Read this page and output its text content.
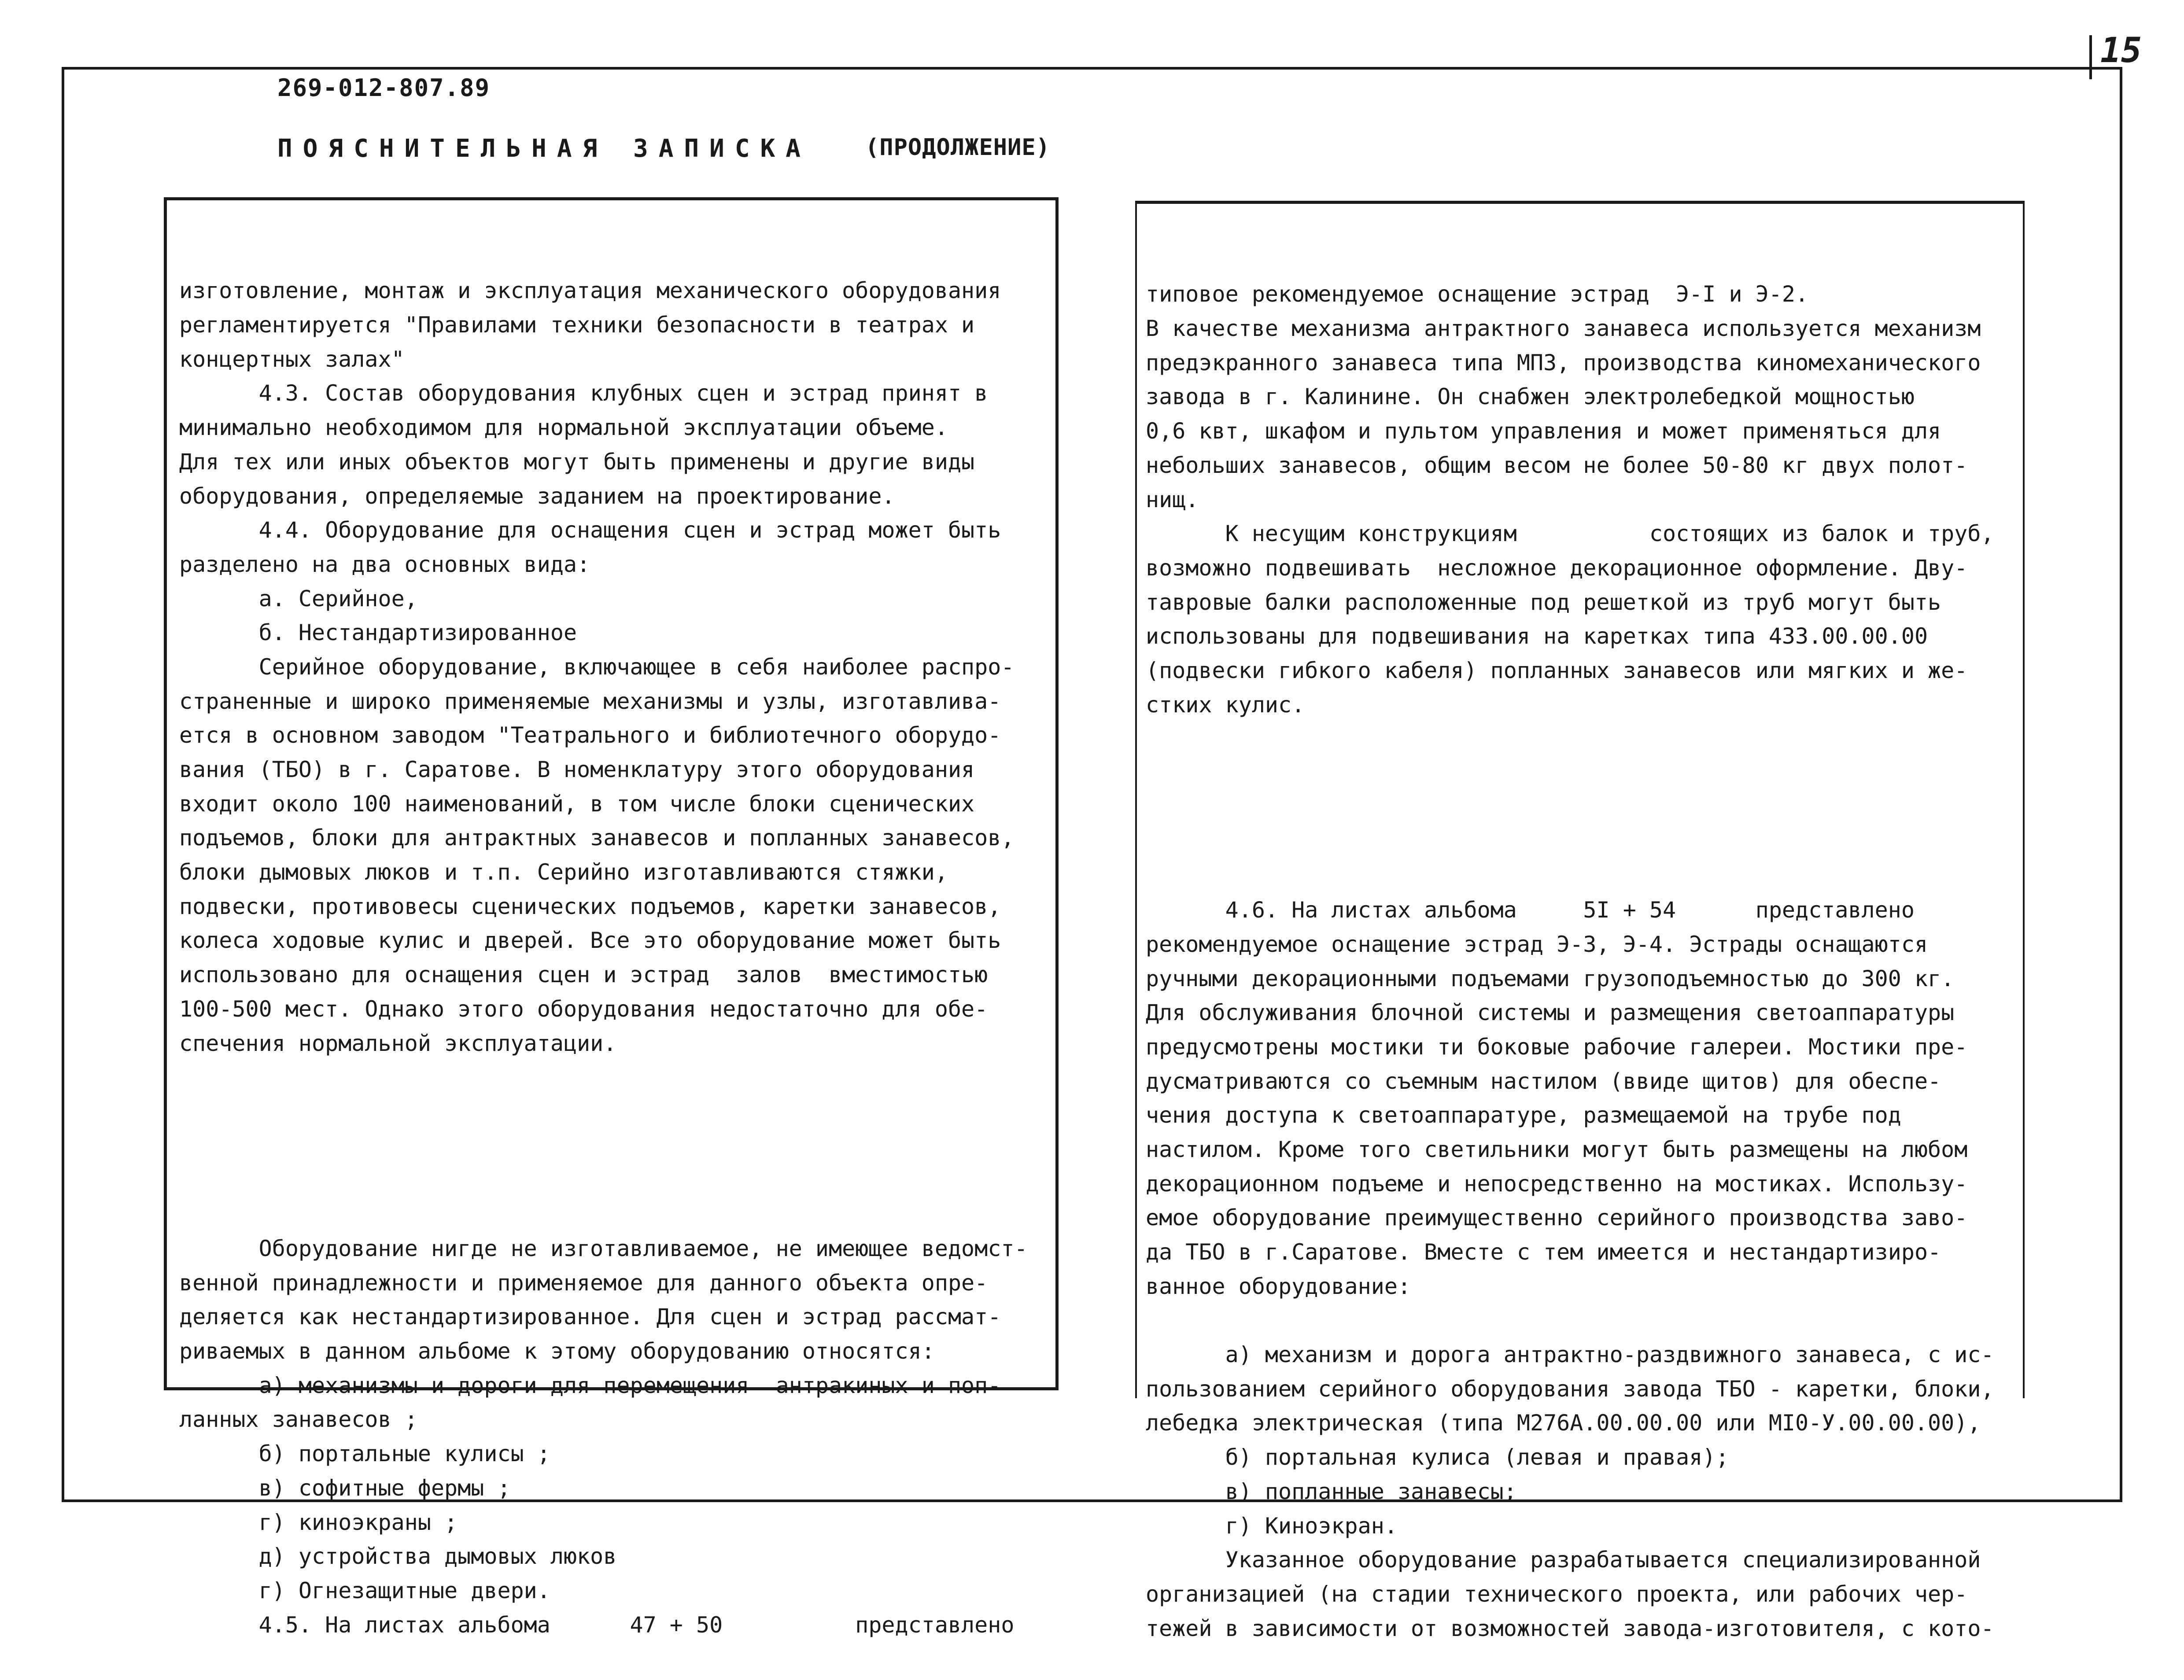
15
269-012-807.89
ПОЯСНИТЕЛЬНАЯ ЗАПИСКА (ПРОДОЛЖЕНИЕ)

изготовление, монтаж и эксплуатация механического оборудования
регламентируется "Правилами техники безопасности в театрах и
концертных залах"
4.3. Состав оборудования клубных сцен и эстрад принят в
минимально необходимом для нормальной эксплуатации объеме.
Для тех или иных объектов могут быть применены и другие виды
оборудования, определяемые заданием на проектирование.
4.4. Оборудование для оснащения сцен и эстрад может быть
разделено на два основных вида:
а. Серийное,
б. Нестандартизированное
Серийное оборудование, включающее в себя наиболее распро-
страненные и широко применяемые механизмы и узлы, изготавлива-
ется в основном заводом "Театрального и библиотечного оборудо-
вания (ТБО) в г. Саратове. В номенклатуру этого оборудования
входит около 100 наименований, в том числе блоки сценических
подъемов, блоки для антрактных занавесов и попланных занавесов,
блоки дымовых люков и т.п. Серийно изготавливаются стяжки,
подвески, противовесы сценических подъемов, каретки занавесов,
колеса ходовые кулис и дверей. Все это оборудование может быть
использовано для оснащения сцен и эстрад  залов  вместимостью
100-500 мест. Однако этого оборудования недостаточно для обе-
спечения нормальной эксплуатации.

Оборудование нигде не изготавливаемое, не имеющее ведомст-
венной принадлежности и применяемое для данного объекта опре-
деляется как нестандартизированное. Для сцен и эстрад рассмат-
риваемых в данном альбоме к этому оборудованию относятся:
а) механизмы и дороги для перемещения  антракиных и поп-
ланных занавесов ;
б) портальные кулисы ;
в) софитные фермы ;
г) киноэкраны ;
д) устройства дымовых люков
г) Огнезащитные двери.
4.5. На листах альбома      47 + 50          представлено

типовое рекомендуемое оснащение эстрад  Э-I и Э-2.
В качестве механизма антрактного занавеса используется механизм
предэкранного занавеса типа МПЗ, производства киномеханического
завода в г. Калинине. Он снабжен электролебедкой мощностью
0,6 квт, шкафом и пультом управления и может применяться для
небольших занавесов, общим весом не более 50-80 кг двух полот-
нищ.
К несущим конструкциям          состоящих из балок и труб,
возможно подвешивать  несложное декорационное оформление. Дву-
тавровые балки расположенные под решеткой из труб могут быть
использованы для подвешивания на каретках типа 433.00.00.00
(подвески гибкого кабеля) попланных занавесов или мягких и же-
стких кулис.

4.6. На листах альбома     5I + 54      представлено
рекомендуемое оснащение эстрад Э-3, Э-4. Эстрады оснащаются
ручными декорационными подъемами грузоподъемностью до 300 кг.
Для обслуживания блочной системы и размещения светоаппаратуры
предусмотрены мостики ти боковые рабочие галереи. Мостики пре-
дусматриваются со съемным настилом (ввиде щитов) для обеспе-
чения доступа к светоаппаратуре, размещаемой на трубе под
настилом. Кроме того светильники могут быть размещены на любом
декорационном подъеме и непосредственно на мостиках. Использу-
емое оборудование преимущественно серийного производства заво-
да ТБО в г.Саратове. Вместе с тем имеется и нестандартизиро-
ванное оборудование:
а) механизм и дорога антрактно-раздвижного занавеса, с ис-
пользованием серийного оборудования завода ТБО - каретки, блоки,
лебедка электрическая (типа М276А.00.00.00 или МI0-У.00.00.00),
б) портальная кулиса (левая и правая);
в) попланные занавесы;
г) Киноэкран.
Указанное оборудование разрабатывается специализированной
организацией (на стадии технического проекта, или рабочих чер-
тежей в зависимости от возможностей завода-изготовителя, с кото-
